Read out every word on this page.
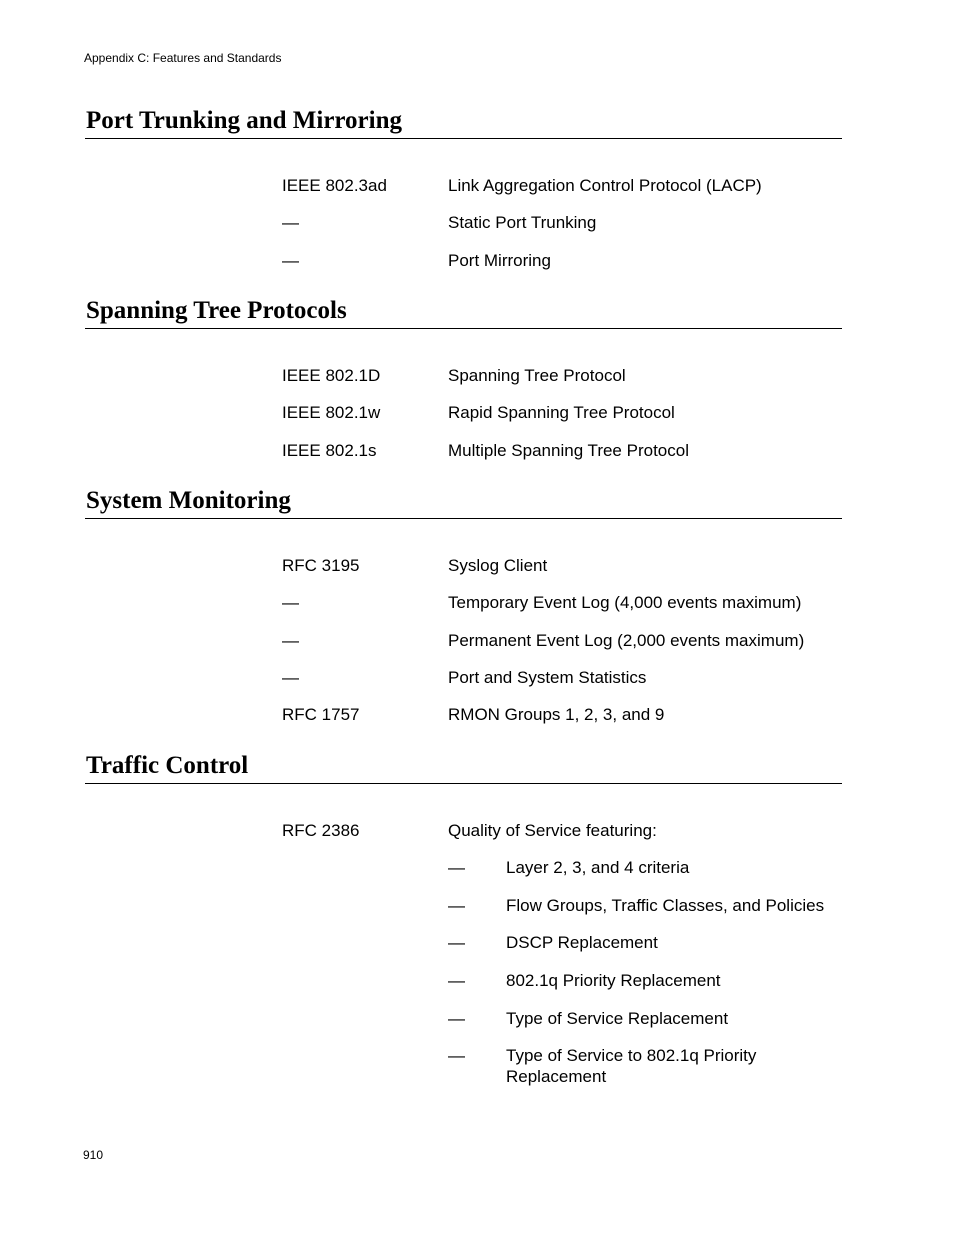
Appendix C: Features and Standards
Port Trunking and Mirroring
IEEE 802.3ad	Link Aggregation Control Protocol (LACP)
—	Static Port Trunking
—	Port Mirroring
Spanning Tree Protocols
IEEE 802.1D	Spanning Tree Protocol
IEEE 802.1w	Rapid Spanning Tree Protocol
IEEE 802.1s	Multiple Spanning Tree Protocol
System Monitoring
RFC 3195	Syslog Client
—	Temporary Event Log (4,000 events maximum)
—	Permanent Event Log (2,000 events maximum)
—	Port and System Statistics
RFC 1757	RMON Groups 1, 2, 3, and 9
Traffic Control
RFC 2386	Quality of Service featuring:
— Layer 2, 3, and 4 criteria
— Flow Groups, Traffic Classes, and Policies
— DSCP Replacement
— 802.1q Priority Replacement
— Type of Service Replacement
— Type of Service to 802.1q Priority Replacement
910
